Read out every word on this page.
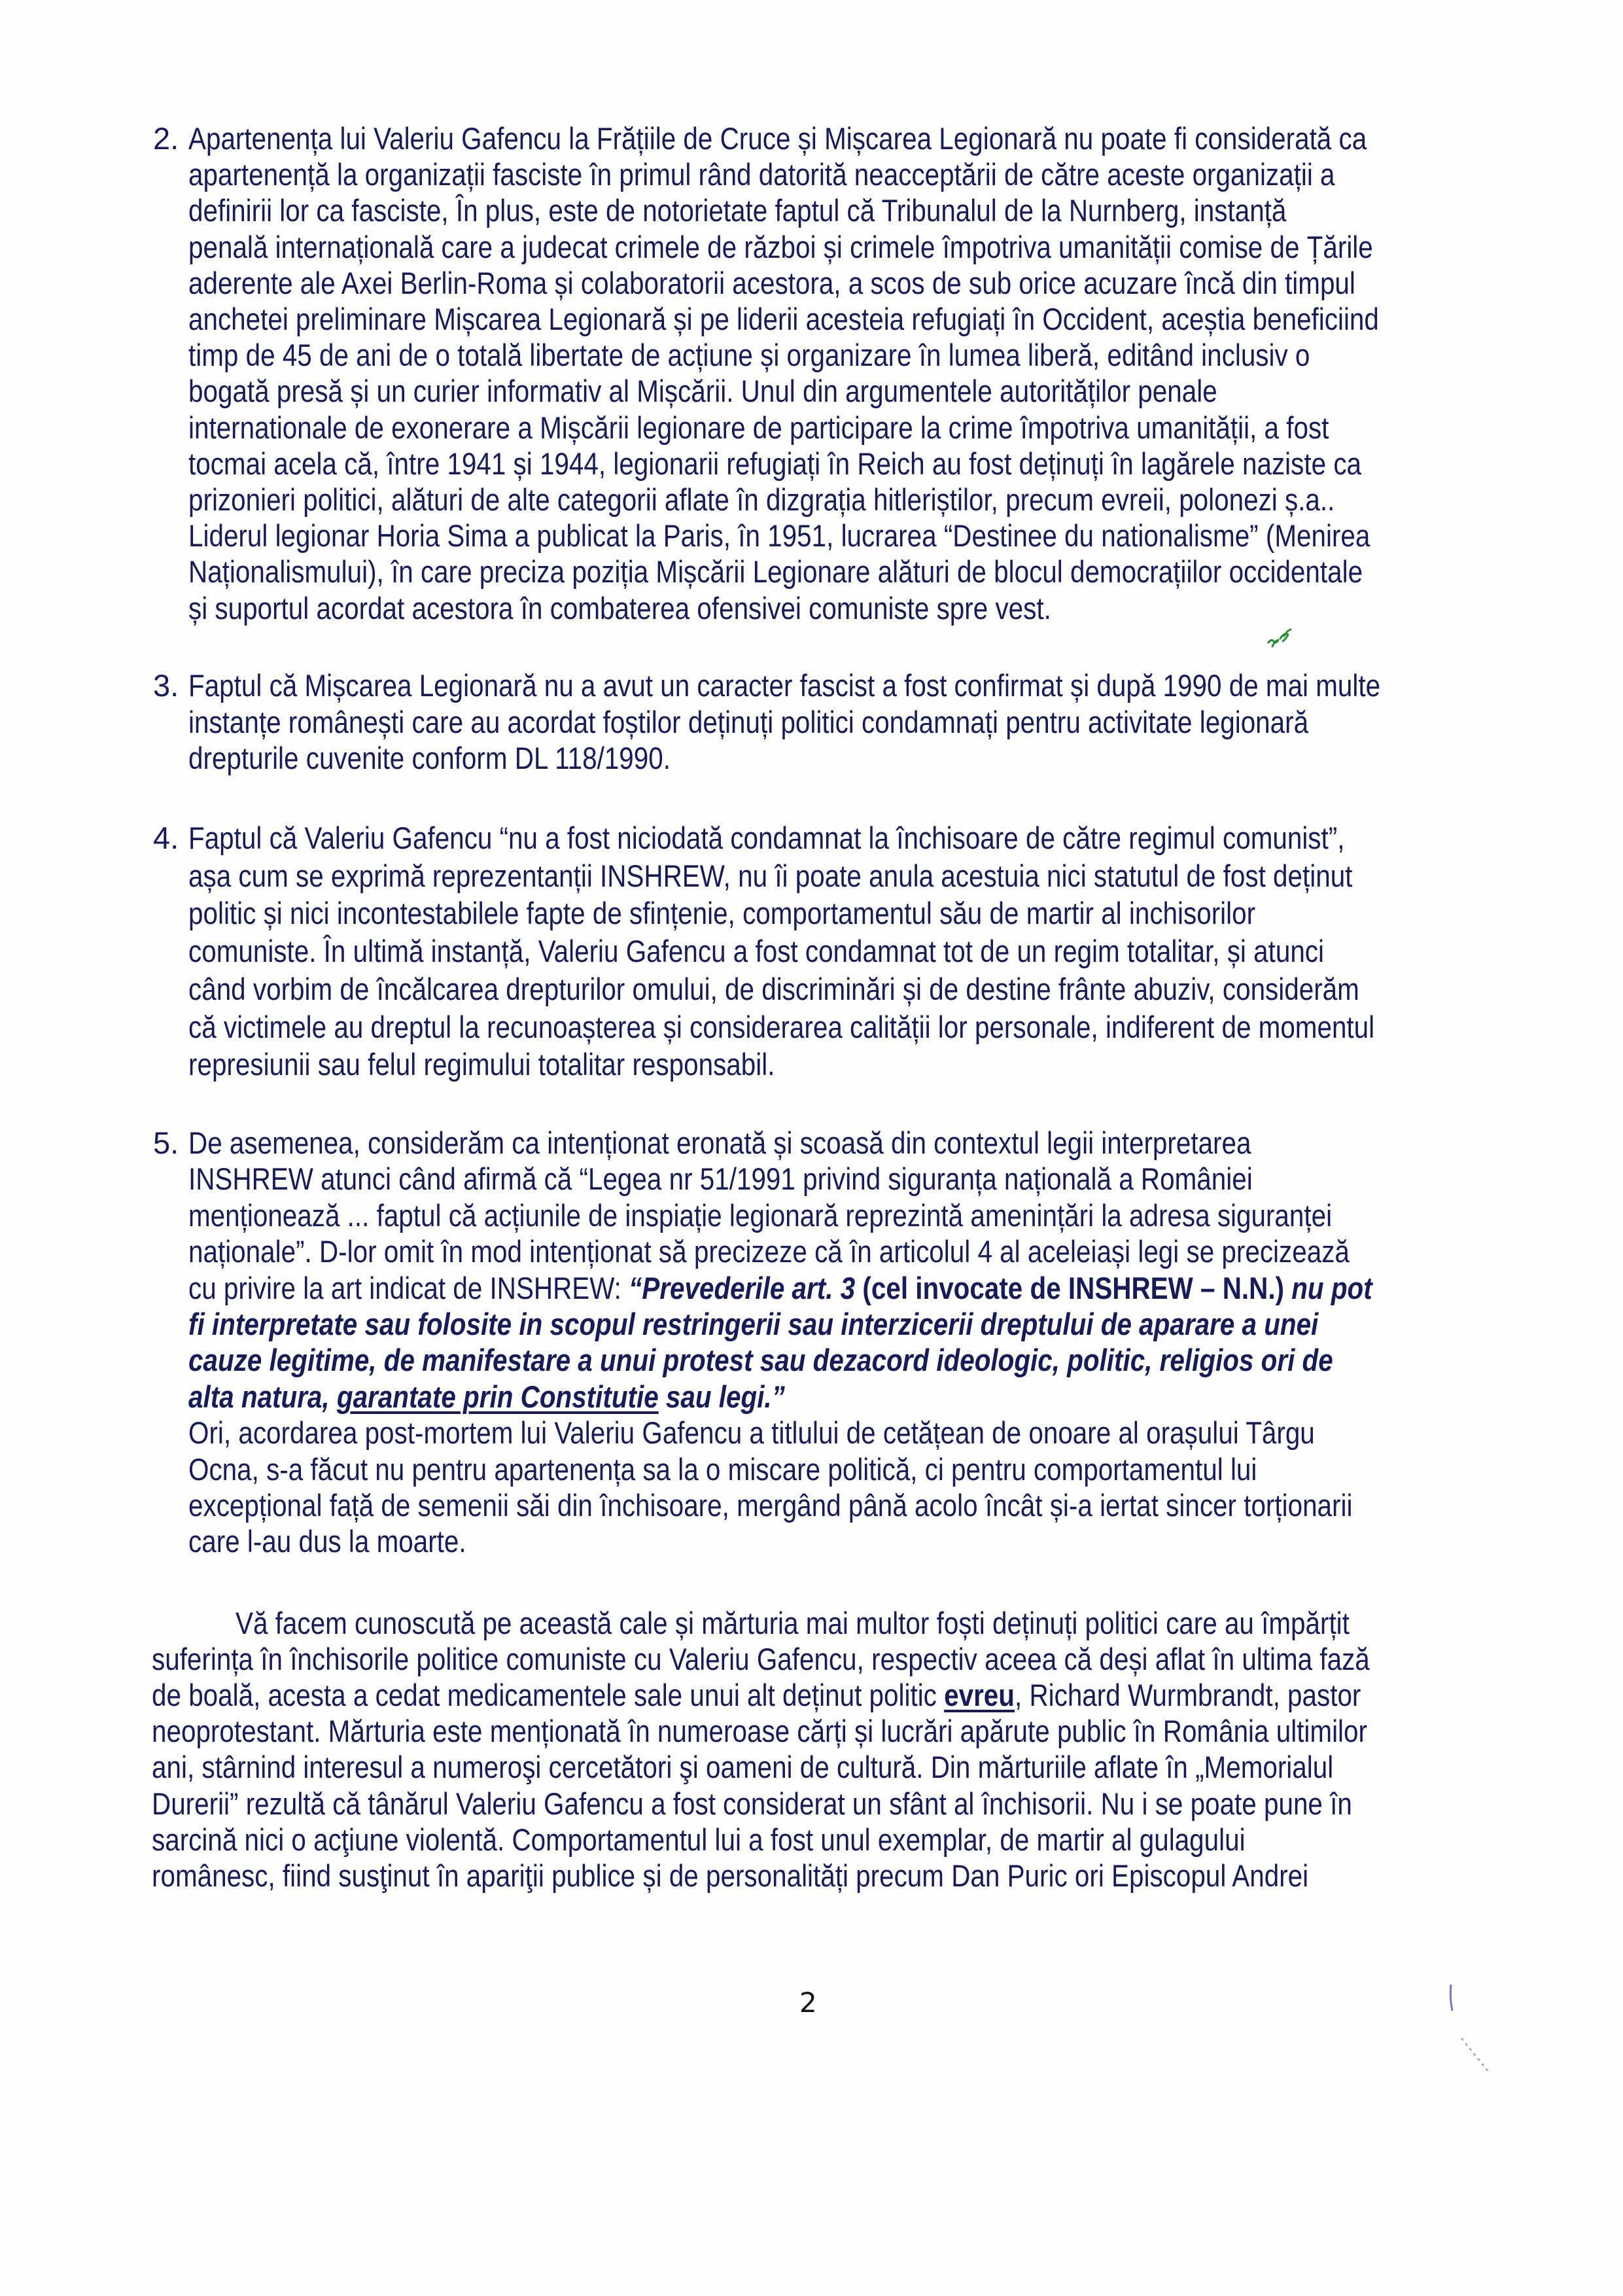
2. Apartenența lui Valeriu Gafencu la Frățiile de Cruce și Mișcarea Legionară nu poate fi considerată ca
apartenență la organizații fasciste în primul rând datorită neacceptării de către aceste organizații a
definirii lor ca fasciste, În plus, este de notorietate faptul că Tribunalul de la Nurnberg, instanță
penală internațională care a judecat crimele de război și crimele împotriva umanității comise de Țările
aderente ale Axei Berlin-Roma și colaboratorii acestora, a scos de sub orice acuzare încă din timpul
anchetei preliminare Mișcarea Legionară și pe liderii acesteia refugiați în Occident, aceștia beneficiind
timp de 45 de ani de o totală libertate de acțiune și organizare în lumea liberă, editând inclusiv o
bogată presă și un curier informativ al Mișcării. Unul din argumentele autorităților penale
internationale de exonerare a Mișcării legionare de participare la crime împotriva umanității, a fost
tocmai acela că, între 1941 și 1944, legionarii refugiați în Reich au fost deținuți în lagărele naziste ca
prizonieri politici, alături de alte categorii aflate în dizgrația hitleriștilor, precum evreii, polonezi ș.a..
Liderul legionar Horia Sima a publicat la Paris, în 1951, lucrarea “Destinee du nationalisme” (Menirea
Naționalismului), în care preciza poziția Mișcării Legionare alături de blocul democrațiilor occidentale
și suportul acordat acestora în combaterea ofensivei comuniste spre vest.
3. Faptul că Mișcarea Legionară nu a avut un caracter fascist a fost confirmat și după 1990 de mai multe
instanțe românești care au acordat foștilor deținuți politici condamnați pentru activitate legionară
drepturile cuvenite conform DL 118/1990.
4. Faptul că Valeriu Gafencu “nu a fost niciodată condamnat la închisoare de către regimul comunist”,
așa cum se exprimă reprezentanții INSHREW, nu îi poate anula acestuia nici statutul de fost deținut
politic și nici incontestabilele fapte de sfințenie, comportamentul său de martir al inchisorilor
comuniste. În ultimă instanță, Valeriu Gafencu a fost condamnat tot de un regim totalitar, și atunci
când vorbim de încălcarea drepturilor omului, de discriminări și de destine frânte abuziv, considerăm
că victimele au dreptul la recunoașterea și considerarea calității lor personale, indiferent de momentul
represiunii sau felul regimului totalitar responsabil.
5. De asemenea, considerăm ca intenționat eronată și scoasă din contextul legii interpretarea
INSHREW atunci când afirmă că “Legea nr 51/1991 privind siguranța națională a României
menționează ... faptul că acțiunile de inspiație legionară reprezintă amenințări la adresa siguranței
naționale”. D-lor omit în mod intenționat să precizeze că în articolul 4 al aceleiași legi se precizează
cu privire la art indicat de INSHREW: “Prevederile art. 3 (cel invocate de INSHREW – N.N.) nu pot
fi interpretate sau folosite in scopul restringerii sau interzicerii dreptului de aparare a unei
cauze legitime, de manifestare a unui protest sau dezacord ideologic, politic, religios ori de
alta natura, garantate prin Constitutie sau legi.”
Ori, acordarea post-mortem lui Valeriu Gafencu a titlului de cetățean de onoare al orașului Târgu
Ocna, s-a făcut nu pentru apartenența sa la o miscare politică, ci pentru comportamentul lui
excepțional față de semenii săi din închisoare, mergând până acolo încât și-a iertat sincer torționarii
care l-au dus la moarte.
Vă facem cunoscută pe această cale și mărturia mai multor foști deținuți politici care au împărțit
suferința în închisorile politice comuniste cu Valeriu Gafencu, respectiv aceea că deși aflat în ultima fază
de boală, acesta a cedat medicamentele sale unui alt deținut politic evreu, Richard Wurmbrandt, pastor
neoprotestant. Mărturia este menționată în numeroase cărți și lucrări apărute public în România ultimilor
ani, stârnind interesul a numeroşi cercetători şi oameni de cultură. Din mărturiile aflate în „Memorialul
Durerii” rezultă că tânărul Valeriu Gafencu a fost considerat un sfânt al închisorii. Nu i se poate pune în
sarcină nici o acţiune violentă. Comportamentul lui a fost unul exemplar, de martir al gulagului
românesc, fiind susţinut în apariţii publice și de personalități precum Dan Puric ori Episcopul Andrei
2
